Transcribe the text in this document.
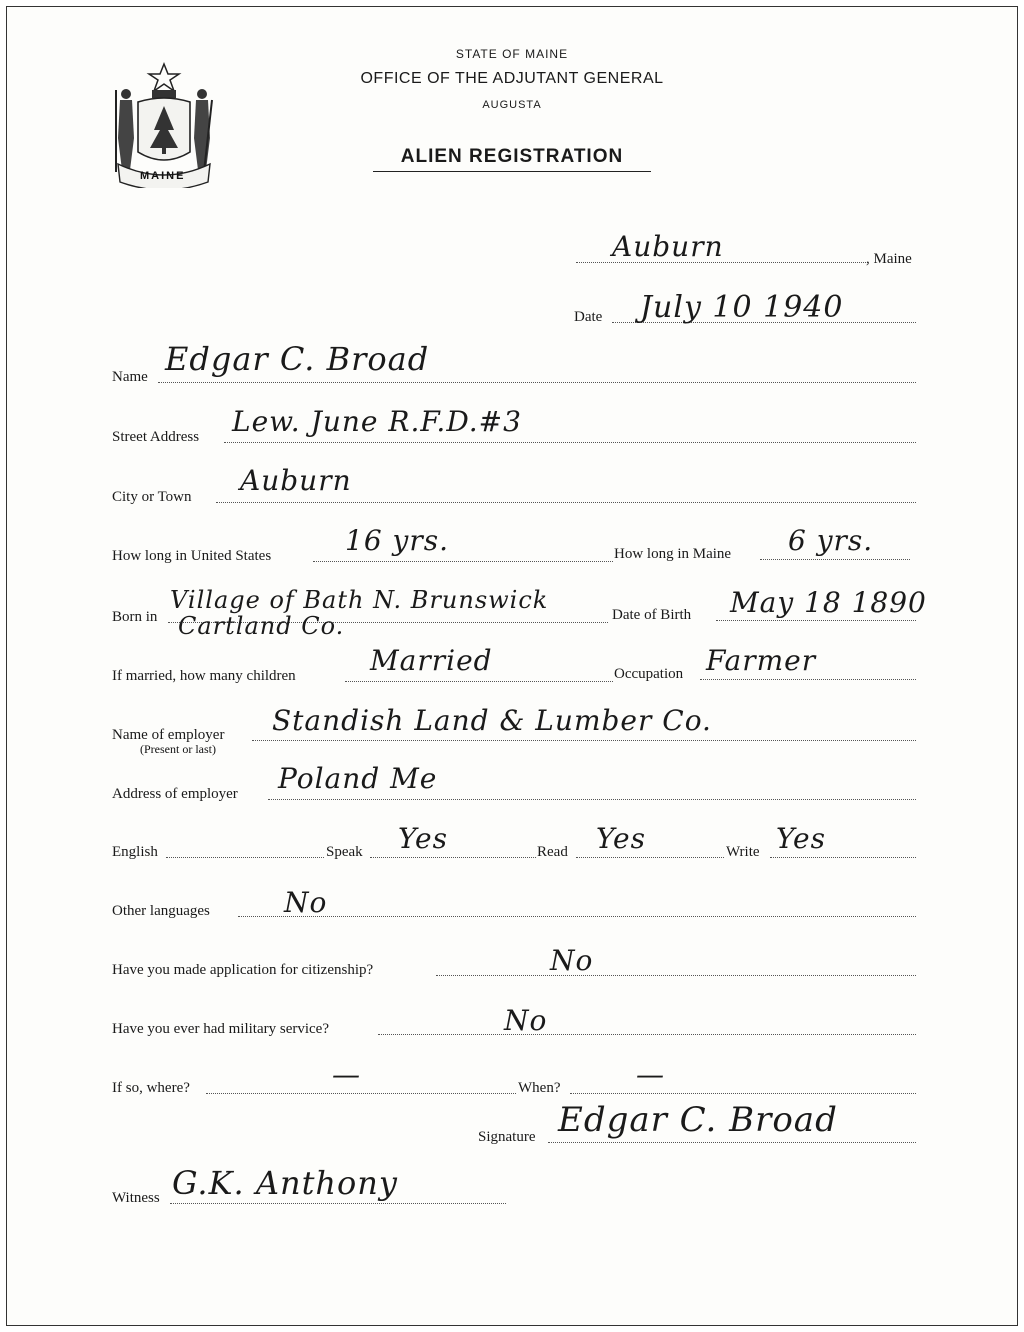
MAINE
STATE OF MAINE
OFFICE OF THE ADJUTANT GENERAL
AUGUSTA
ALIEN REGISTRATION
Auburn	, Maine
Date July 10 1940
Name Edgar C. Broad
Street Address Lew. June R.F.D.#3
City or Town Auburn
How long in United States	16 yrs.	How long in Maine 6 yrs.
Born in
Village of Bath N. Brunswick
Cartland Co.	Date of Birth May 18 1890
If married, how many children	Married	Occupation Farmer
Name of employer
(Present or last)
Standish Land & Lumber Co.
Address of employer Poland Me
English	Speak Yes	Read Yes	Write Yes
Other languages	No
Have you made application for citizenship?	No
Have you ever had military service?	No
If so, where?	—	When?	—
Signature Edgar C. Broad
Witness G.K. Anthony
